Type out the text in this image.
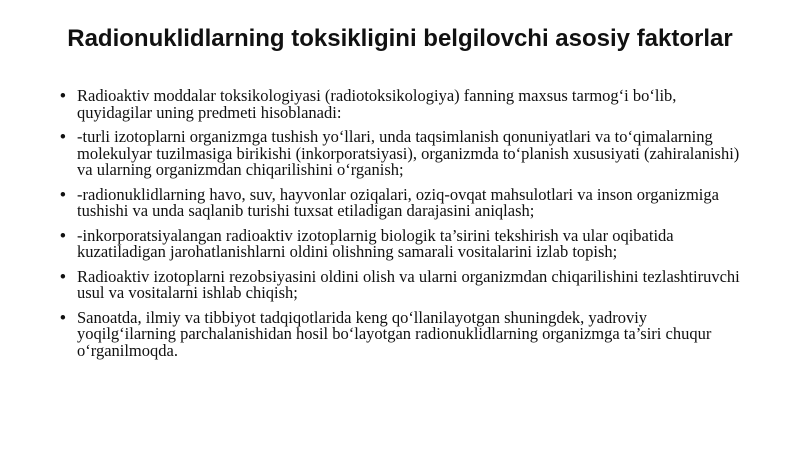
Radionuklidlarning toksikligini belgilovchi asosiy faktorlar
• Radioaktiv moddalar toksikologiyasi (radiotoksikologiya) fanning maxsus tarmog‘i bo‘lib, quyidagilar uning predmeti hisoblanadi:
• -turli izotoplarni organizmga tushish yo‘llari, unda taqsimlanish qonuniyatlari va to‘qimalarning molekulyar tuzilmasiga birikishi (inkorporatsiyasi), organizmda to‘planish xususiyati (zahiralanishi) va ularning organizmdan chiqarilishini o‘rganish;
• -radionuklidlarning havo, suv, hayvonlar oziqalari, oziq-ovqat mahsulotlari va inson organizmiga tushishi va unda saqlanib turishi tuxsat etiladigan darajasini aniqlash;
• -inkorporatsiyalangan radioaktiv izotoplarnig biologik ta’sirini tekshirish va ular oqibatida kuzatiladigan jarohatlanishlarni oldini olishning samarali vositalarini izlab topish;
• Radioaktiv izotoplarni rezobsiyasini oldini olish va ularni organizmdan chiqarilishini tezlashtiruvchi usul va vositalarni ishlab chiqish;
• Sanoatda, ilmiy va tibbiyot tadqiqotlarida keng qo‘llanilayotgan shuningdek, yadroviy yoqilg‘ilarning parchalanishidan hosil bo‘layotgan radionuklidlarning organizmga ta’siri chuqur o‘rganilmoqda.
